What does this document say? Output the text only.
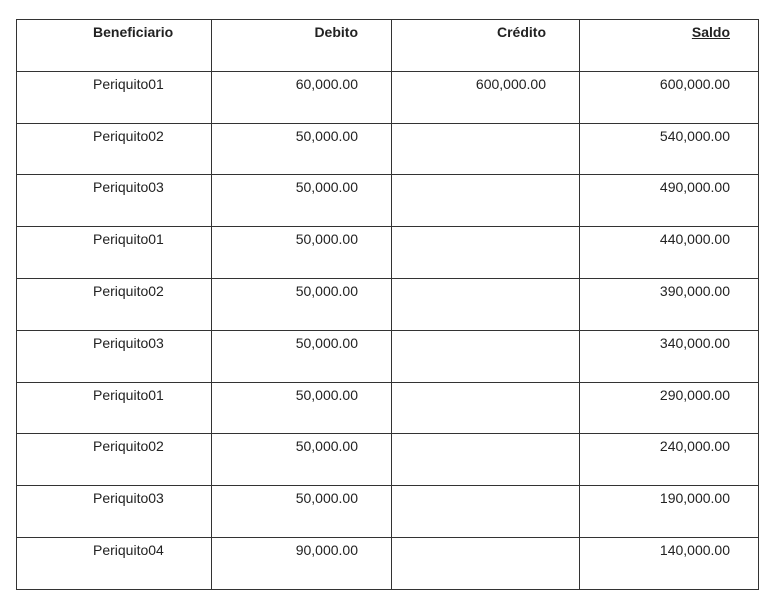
Beneficiario	Debito	Crédito	Saldo
Periquito01	60,000.00	600,000.00	600,000.00
Periquito02	50,000.00		540,000.00
Periquito03	50,000.00		490,000.00
Periquito01	50,000.00		440,000.00
Periquito02	50,000.00		390,000.00
Periquito03	50,000.00		340,000.00
Periquito01	50,000.00		290,000.00
Periquito02	50,000.00		240,000.00
Periquito03	50,000.00		190,000.00
Periquito04	90,000.00		140,000.00
